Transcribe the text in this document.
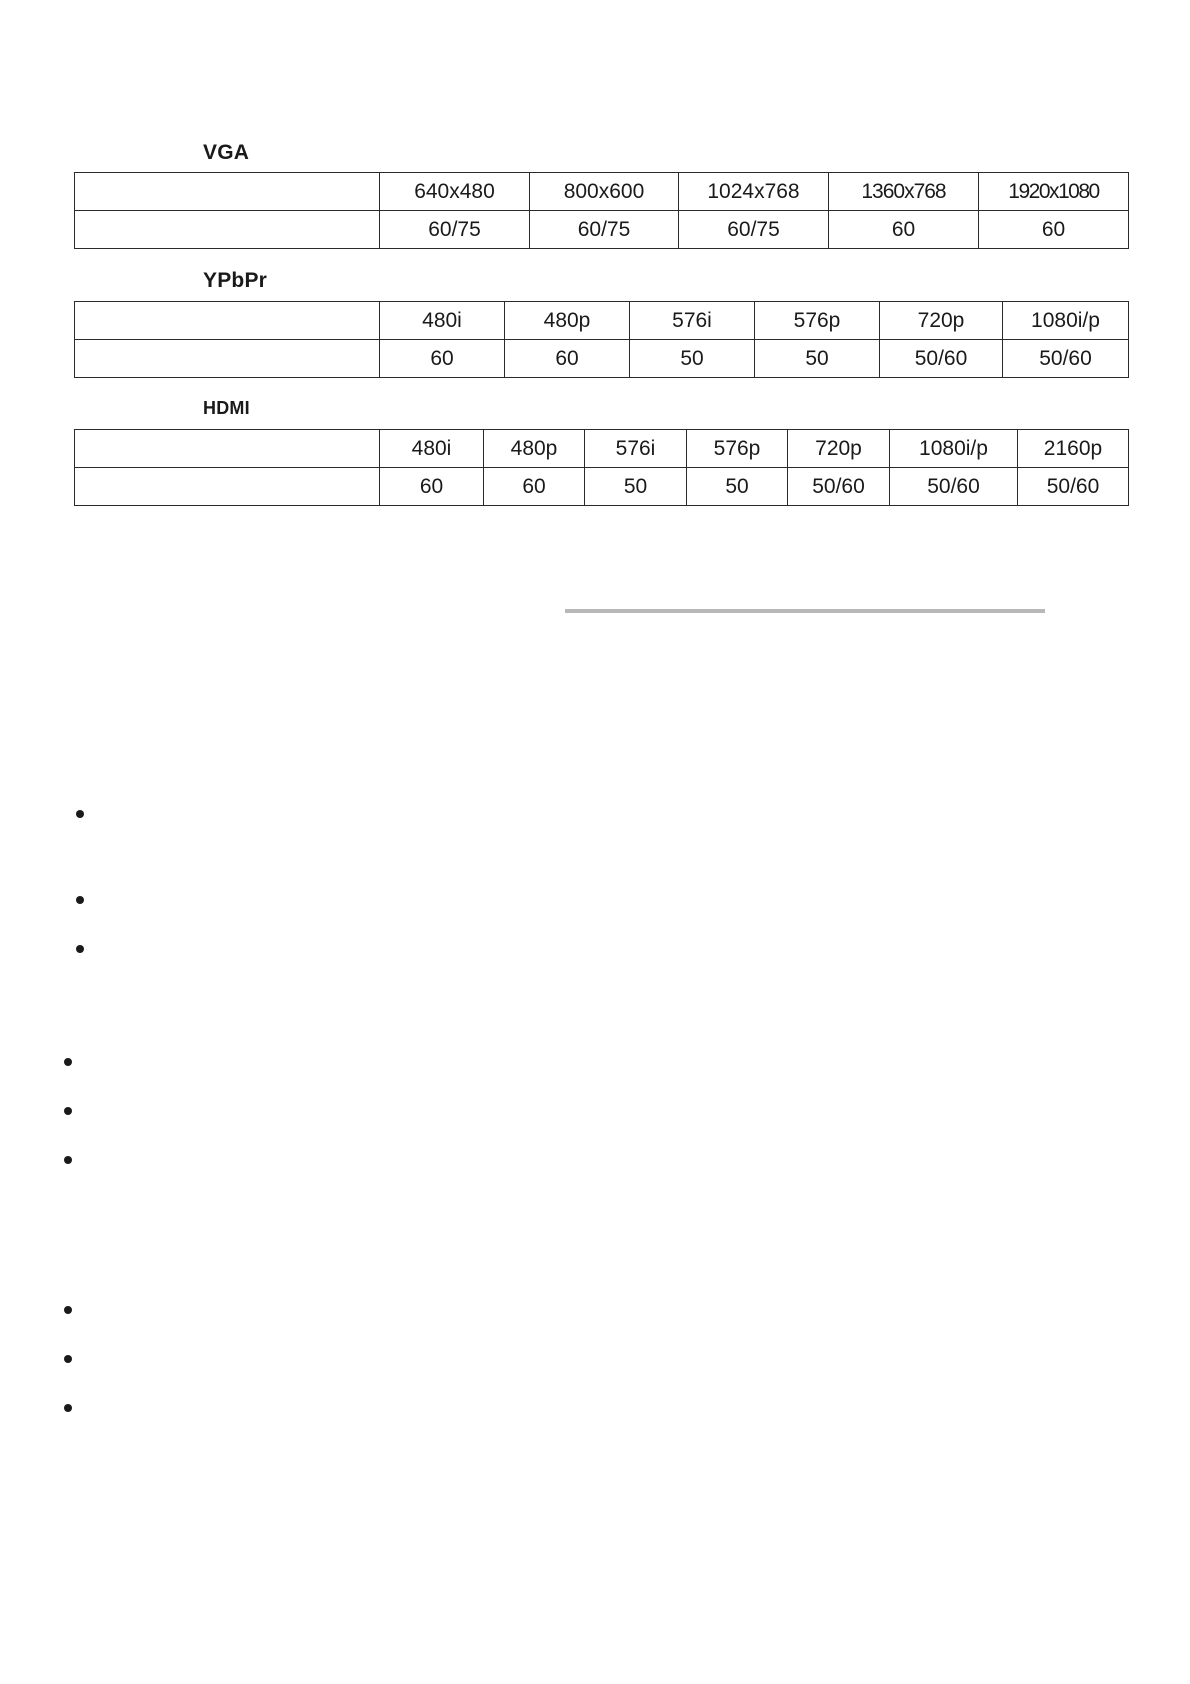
VGA
	640x480	800x600	1024x768	1360x768	1920x1080
	60/75	60/75	60/75	60	60
YPbPr
	480i	480p	576i	576p	720p	1080i/p
	60	60	50	50	50/60	50/60
HDMI
	480i	480p	576i	576p	720p	1080i/p	2160p
	60	60	50	50	50/60	50/60	50/60
